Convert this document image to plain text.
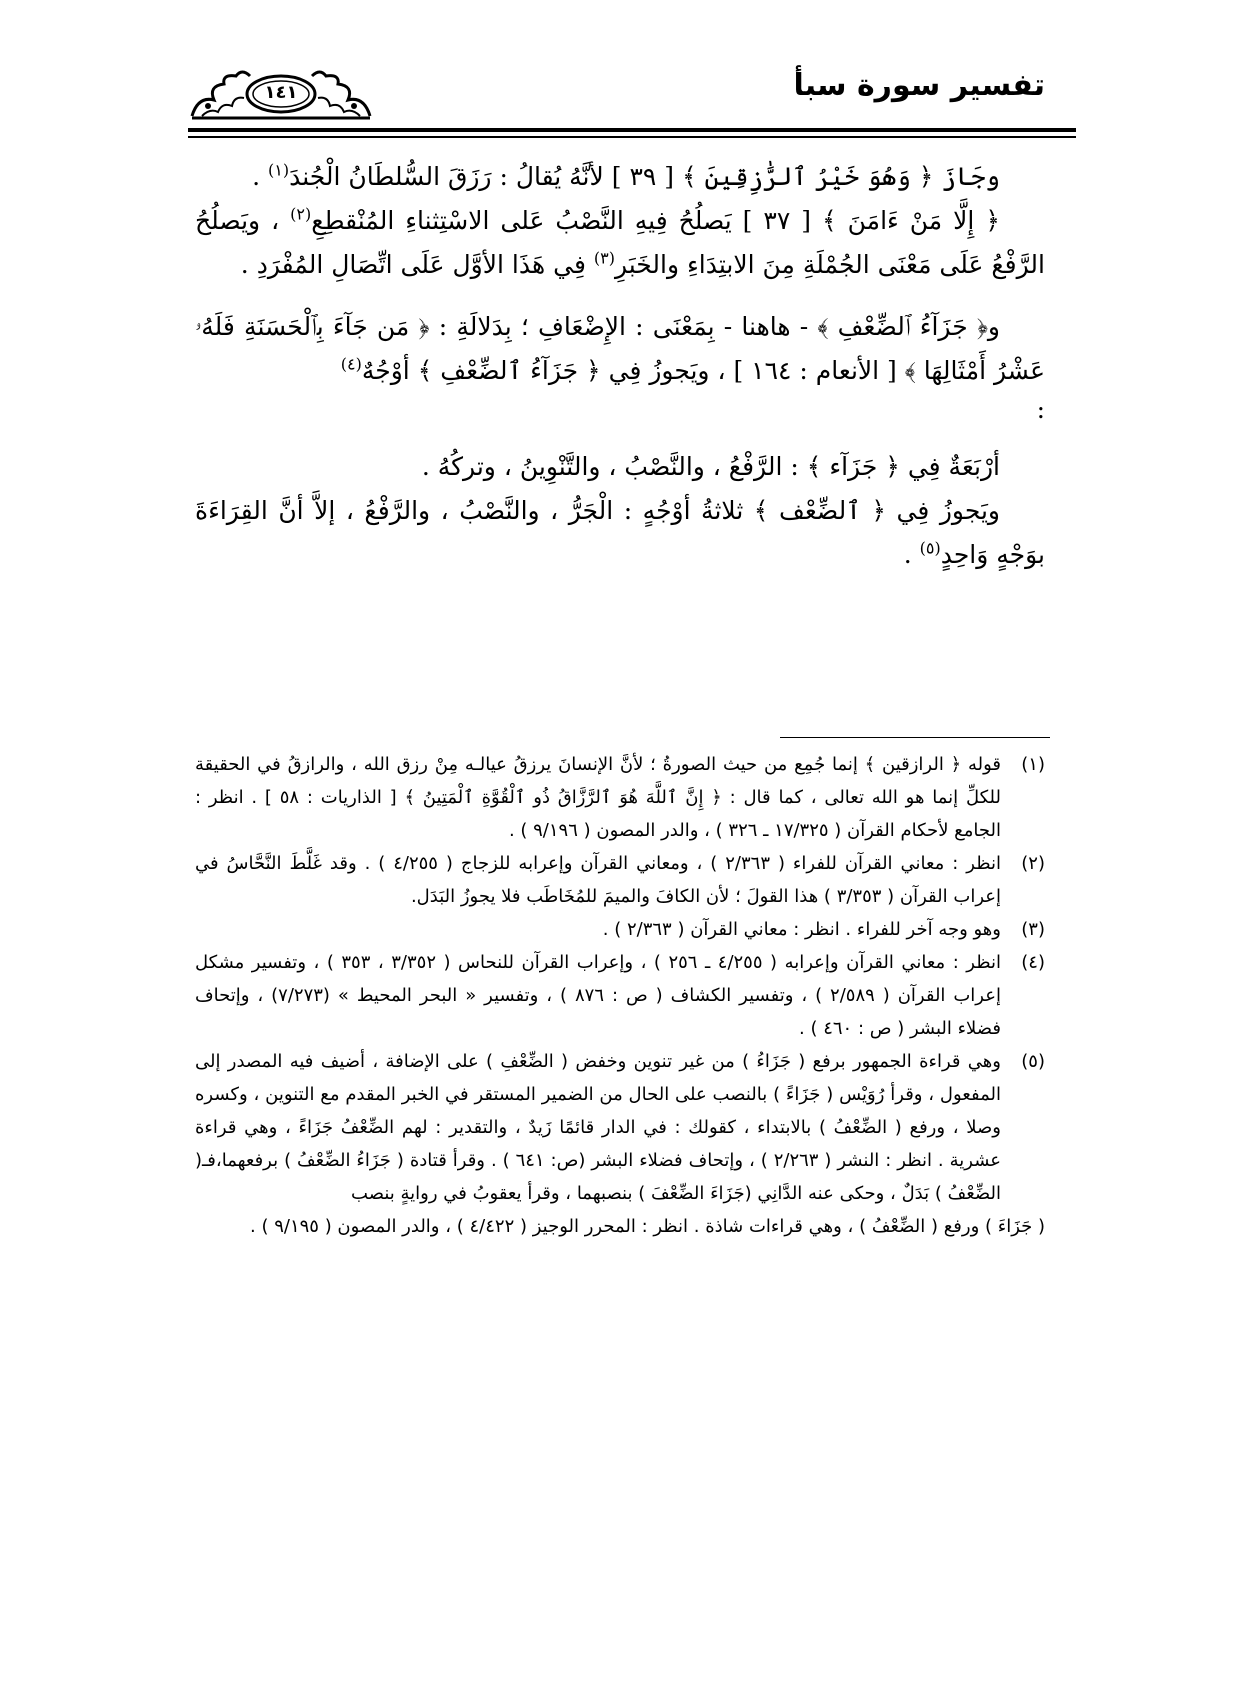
تفسير سورة سبأ
١٤١

وجَازَ ﴿ وَهُوَ خَيْرُ ٱلرَّٰزِقِينَ ﴾ [ ٣٩ ] لأنَّهُ يُقالُ : رَزَقَ السُّلطَانُ الْجُندَ$^{(١)}$ .

﴿ إِلَّا مَنْ ءَامَنَ ﴾ [ ٣٧ ] يَصلُحُ فِيهِ النَّصْبُ عَلى الاسْتِثناءِ المُنْقطِعِ$^{(٢)}$ ، ويَصلُحُ الرَّفْعُ عَلَى مَعْنَى الجُمْلَةِ مِنَ الابتِدَاءِ والخَبَرِ$^{(٣)}$ فِي هَذَا الأوَّل عَلَى اتِّصَالِ المُفْرَدِ .

و﴿ جَزَآءُ ٱلضِّعْفِ ﴾ - هاهنا - بِمَعْنَى : الإِضْعَافِ ؛ بِدَلالَةِ : ﴿ مَن جَآءَ بِٱلْحَسَنَةِ فَلَهُۥ عَشْرُ أَمْثَالِهَا ﴾ [ الأنعام : ١٦٤ ] ، ويَجوزُ فِي ﴿ جَزَآءُ ٱلضِّعْفِ ﴾ أوْجُهٌ$^{(٤)}$

:

أرْبَعَةٌ فِي ﴿ جَزَآء ﴾ : الرَّفْعُ ، والنَّصْبُ ، والتَّنْوِينُ ، وتركُهُ .

ويَجوزُ فِي ﴿ ٱلضِّعْف ﴾ ثلاثةُ أوْجُهٍ : الْجَرُّ ، والنَّصْبُ ، والرَّفْعُ ، إلاَّ أنَّ القِرَاءَةَ بوَجْهٍ وَاحِدٍ$^{(٥)}$ .

(١)
قوله ﴿ الرازقين ﴾ إنما جُمِع من حيث الصورةُ ؛ لأنَّ الإنسانَ يرزقُ عيالـه مِنْ رزق الله ، والرازقُ في الحقيقة للكلِّ إنما هو الله تعالى ، كما قال : ﴿ إِنَّ ٱللَّهَ هُوَ ٱلرَّزَّاقُ ذُو ٱلْقُوَّةِ ٱلْمَتِينُ ﴾ [ الذاريات : ٥٨ ] . انظر : الجامع لأحكام القرآن ( ١٧/٣٢٥ ـ ٣٢٦ ) ، والدر المصون ( ٩/١٩٦ ) .
(٢)
انظر : معاني القرآن للفراء ( ٢/٣٦٣ ) ، ومعاني القرآن وإعرابه للزجاج ( ٤/٢٥٥ ) . وقد غَلَّطَ النَّحَّاسُ في إعراب القرآن ( ٣/٣٥٣ ) هذا القولَ ؛ لأن الكافَ والميمَ للمُخَاطَب فلا يجوزُ البَدَل.
(٣)
وهو وجه آخر للفراء . انظر : معاني القرآن ( ٢/٣٦٣ ) .
(٤)
انظر : معاني القرآن وإعرابه ( ٤/٢٥٥ ـ ٢٥٦ ) ، وإعراب القرآن للنحاس ( ٣/٣٥٢ ، ٣٥٣ ) ، وتفسير مشكل إعراب القرآن ( ٢/٥٨٩ ) ، وتفسير الكشاف ( ص : ٨٧٦ ) ، وتفسير « البحر المحيط » (٧/٢٧٣) ، وإتحاف فضلاء البشر ( ص : ٤٦٠ ) .
(٥)
وهي قراءة الجمهور برفع ( جَزَاءُ ) من غير تنوين وخفض ( الضِّعْفِ ) على الإضافة ، أضيف فيه المصدر إلى المفعول ، وقرأ رُوَيْس ( جَزَاءً ) بالنصب على الحال من الضمير المستقر في الخبر المقدم مع التنوين ، وكسره وصلا ، ورفع ( الضِّعْفُ ) بالابتداء ، كقولك : في الدار قائمًا زَيدٌ ، والتقدير : لهم الضِّعْفُ جَزَاءً ، وهي قراءة عشرية . انظر : النشر ( ٢/٢٦٣ ) ، وإتحاف فضلاء البشر (ص: ٦٤١ ) . وقرأ قتادة ( جَزَاءُ الضِّعْفُ ) برفعهما،فـ( الضِّعْفُ ) بَدَلٌ ، وحكى عنه الدَّانِي (جَزَاءَ الضِّعْفَ ) بنصبهما ، وقرأ يعقوبُ في روايةٍ بنصب
( جَزَاءَ ) ورفع ( الضِّعْفُ ) ، وهي قراءات شاذة . انظر : المحرر الوجيز ( ٤/٤٢٢ ) ، والدر المصون ( ٩/١٩٥ ) .
